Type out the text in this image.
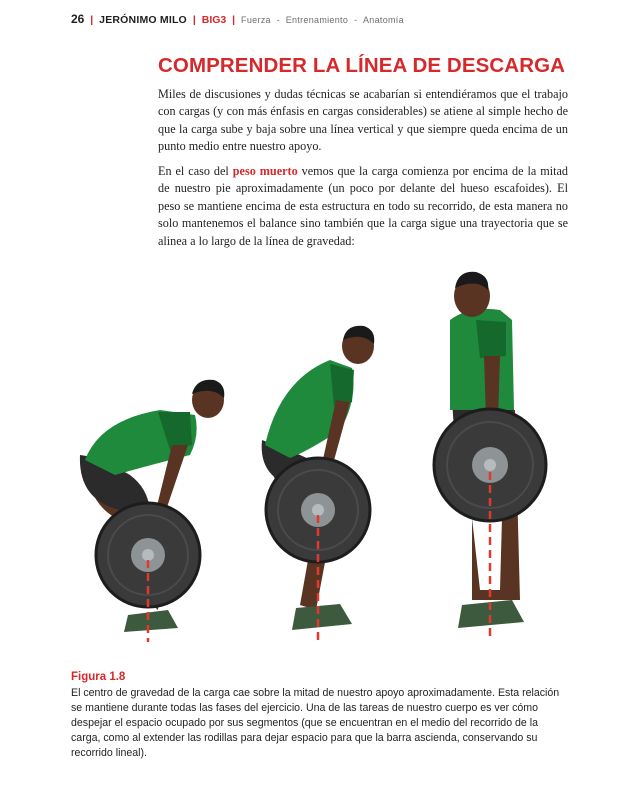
26 | JERÓNIMO MILO | BIG3 | Fuerza - Entrenamiento - Anatomía
COMPRENDER LA LÍNEA DE DESCARGA

Miles de discusiones y dudas técnicas se acabarían si entendiéramos que el trabajo con cargas (y con más énfasis en cargas considerables) se atiene al simple hecho de que la carga sube y baja sobre una línea vertical y que siempre queda encima de un punto medio entre nuestro apoyo.

En el caso del peso muerto vemos que la carga comienza por encima de la mitad de nuestro pie aproximadamente (un poco por delante del hueso escafoides). El peso se mantiene encima de esta estructura en todo su recorrido, de esta manera no solo mantenemos el balance sino también que la carga sigue una trayectoria que se alinea a lo largo de la línea de gravedad:

Figura 1.8

El centro de gravedad de la carga cae sobre la mitad de nuestro apoyo aproximadamente. Esta relación se mantiene durante todas las fases del ejercicio. Una de las tareas de nuestro cuerpo es ver cómo despejar el espacio ocupado por sus segmentos (que se encuentran en el medio del recorrido de la carga, como al extender las rodillas para dejar espacio para que la barra ascienda, conservando su recorrido lineal).
